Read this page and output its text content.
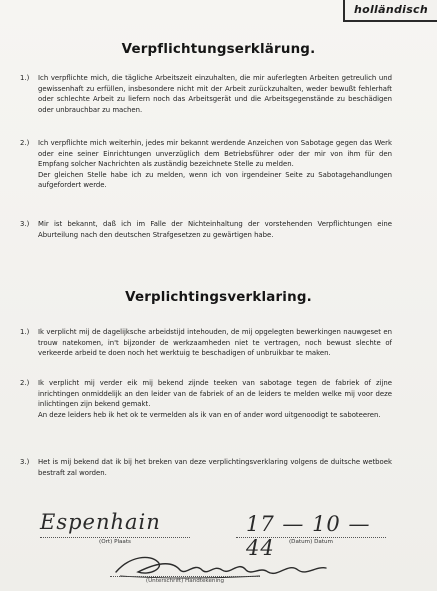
holländisch
Verpflichtungserklärung.
1.)	Ich verpflichte mich, die tägliche Arbeitszeit einzuhalten, die mir auferlegten Arbeiten getreulich und gewissenhaft zu erfüllen, insbesondere nicht mit der Arbeit zurückzuhalten, weder bewußt fehlerhaft oder schlechte Arbeit zu liefern noch das Arbeitsgerät und die Arbeitsgegenstände zu beschädigen oder unbrauchbar zu machen.

2.)	Ich verpflichte mich weiterhin, jedes mir bekannt werdende Anzeichen von Sabotage gegen das Werk oder eine seiner Einrichtungen unverzüglich dem Betriebsführer oder der mir von ihm für den Empfang solcher Nachrichten als zuständig bezeichnete Stelle zu melden.

Der gleichen Stelle habe ich zu melden, wenn ich von irgendeiner Seite zu Sabotagehandlungen aufgefordert werde.

3.)	Mir ist bekannt, daß ich im Falle der Nichteinhaltung der vorstehenden Verpflichtungen eine Aburteilung nach den deutschen Strafgesetzen zu gewärtigen habe.

Verplichtingsverklaring.
1.)	Ik verplicht mij de dagelijksche arbeidstijd intehouden, de mij opgelegten bewerkingen nauwgeset en trouw natekomen, in't bijzonder de werkzaamheden niet te vertragen, noch bewust slechte of verkeerde arbeid te doen noch het werktuig te beschadigen of unbruikbar te maken.

2.)	Ik verplicht mij verder eik mij bekend zijnde teeken van sabotage tegen de fabriek of zijne inrichtingen onmiddelijk an den leider van de fabriek of an de leiders te melden welke mij voor deze inlichtingen zijn bekend gemakt.

An deze leiders heb ik het ok te vermelden als ik van en of ander word uitgenoodigt te saboteeren.

3.)	Het is mij bekend dat ik bij het breken van deze verplichtingsverklaring volgens de duitsche wetboek bestraft zal worden.

Espenhain	17 — 10 — 44
(Ort) Plaats	(Datum) Datum
(Unterschrift) Handtekening
